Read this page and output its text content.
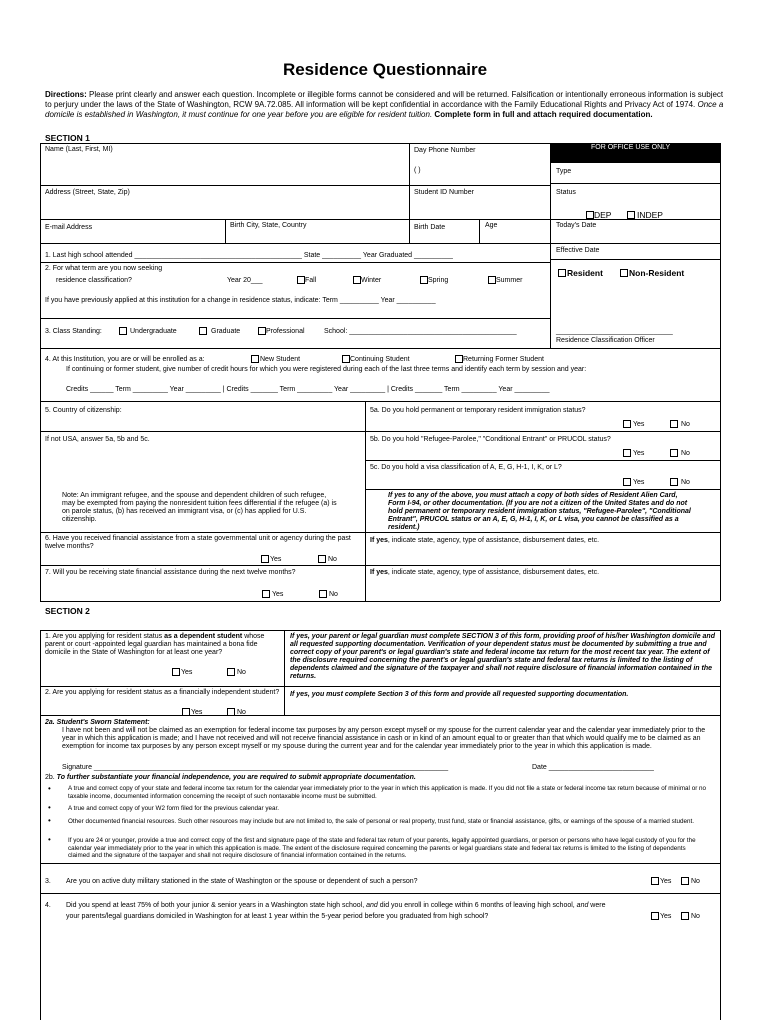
Residence Questionnaire
Directions: Please print clearly and answer each question. Incomplete or illegible forms cannot be considered and will be returned. Falsification or intentionally erroneous information is subject to perjury under the laws of the State of Washington, RCW 9A.72.085. All information will be kept confidential in accordance with the Family Educational Rights and Privacy Act of 1974. Once a domicile is established in Washington, it must continue for one year before you are eligible for resident tuition. Complete form in full and attach required documentation.
SECTION 1
Name (Last, First, MI)	Day Phone Number
( )
FOR OFFICE USE ONLY
Type
Address (Street, State, Zip)	Student ID Number	Status
DEP	INDEP
E-mail Address	Birth City, State, Country	Birth Date	Age	Today's Date
1. Last high school attended ___________________________________________ State __________ Year Graduated __________
Effective Date
2. For what term are you now seeking
residence classification?	Year 20___	Fall	Winter	Spring	Summer
Resident	Non-Resident
If you have previously applied at this institution for a change in residence status, indicate: Term __________ Year __________
3. Class Standing:	Undergraduate	Graduate	Professional	School: ___________________________________________	______________________________
Residence Classification Officer
4. At this Institution, you are or will be enrolled as a:	New Student	Continuing Student	Returning Former Student
If continuing or former student, give number of credit hours for which you were registered during each of the last three terms and identify each term by session and year:
Credits ______ Term _________ Year _________ | Credits _______ Term _________ Year _________ | Credits _______ Term _________ Year _________
5. Country of citizenship:	5a. Do you hold permanent or temporary resident immigration status?
Yes	No
If not USA, answer 5a, 5b and 5c.	5b. Do you hold "Refugee-Parolee," "Conditional Entrant" or PRUCOL status?
Yes	No
5c. Do you hold a visa classification of A, E, G, H-1, I, K, or L?
Yes	No
Note: An immigrant refugee, and the spouse and dependent children of such refugee, may be exempted from paying the nonresident tuition fees differential if the refugee (a) is on parole status, (b) has received an immigrant visa, or (c) has applied for U.S. citizenship.
If yes to any of the above, you must attach a copy of both sides of Resident Alien Card, Form I-94, or other documentation. (If you are not a citizen of the United States and do not hold permanent or temporary resident immigration status, "Refugee-Parolee", "Conditional Entrant", PRUCOL status or an A, E, G, H-1, I, K, or L visa, you cannot be classified as a resident.)
6. Have you received financial assistance from a state governmental unit or agency during the past twelve months?
If yes, indicate state, agency, type of assistance, disbursement dates, etc.
Yes	No
7. Will you be receiving state financial assistance during the next twelve months?	If yes, indicate state, agency, type of assistance, disbursement dates, etc.
Yes	No
SECTION 2
1. Are you applying for resident status as a dependent student whose parent or court -appointed legal guardian has maintained a bona fide domicile in the State of Washington for at least one year?
Yes	No
If yes, your parent or legal guardian must complete SECTION 3 of this form, providing proof of his/her Washington domicile and all requested supporting documentation. Verification of your dependent status must be documented by submitting a true and correct copy of your parent's or legal guardian's state and federal income tax return for the most recent tax year. The extent of the disclosure required concerning the parent's or legal guardian's state and federal tax returns is limited to the listing of dependents claimed and the signature of the taxpayer and shall not require disclosure of financial information contained in the returns.
2. Are you applying for resident status as a financially independent student? If yes, you must complete Section 3 of this form and provide all requested supporting documentation.
Yes	No
2a. Student's Sworn Statement:
I have not been and will not be claimed as an exemption for federal income tax purposes by any person except myself or my spouse for the current calendar year and the calendar year immediately prior to the year in which this application is made; and I have not received and will not receive financial assistance in cash or in kind of an amount equal to or greater than that which would qualify me to be claimed as an exemption for income tax purposes by any person except myself or my spouse during the current year and for the calendar year immediately prior to the year in which this application is made.
Signature ___________________________________________________________________________________________	Date ___________________________
2b. To further substantiate your financial independence, you are required to submit appropriate documentation.
•	A true and correct copy of your state and federal income tax return for the calendar year immediately prior to the year in which this application is made. If you did not file a state or federal income tax return because of minimal or no taxable income, documented information concerning the receipt of such nontaxable income must be submitted.
•	A true and correct copy of your W2 form filed for the previous calendar year.
•	Other documented financial resources. Such other resources may include but are not limited to, the sale of personal or real property, trust fund, state or financial assistance, gifts, or earnings of the spouse of a married student.
•	If you are 24 or younger, provide a true and correct copy of the first and signature page of the state and federal tax return of your parents, legally appointed guardians, or person or persons who have legal custody of you for the calendar year immediately prior to the year in which this application is made. The extent of the disclosure required concerning the parents or legal guardians state and federal tax returns is limited to the listing of dependents claimed and the signature of the taxpayer and shall not require disclosure of financial information contained in the returns.
3. Are you on active duty military stationed in the state of Washington or the spouse or dependent of such a person?	Yes	No
4. Did you spend at least 75% of both your junior & senior years in a Washington state high school, and did you enroll in college within 6 months of leaving high school, and were
your parents/legal guardians domiciled in Washington for at least 1 year within the 5-year period before you graduated from high school?	Yes	No
